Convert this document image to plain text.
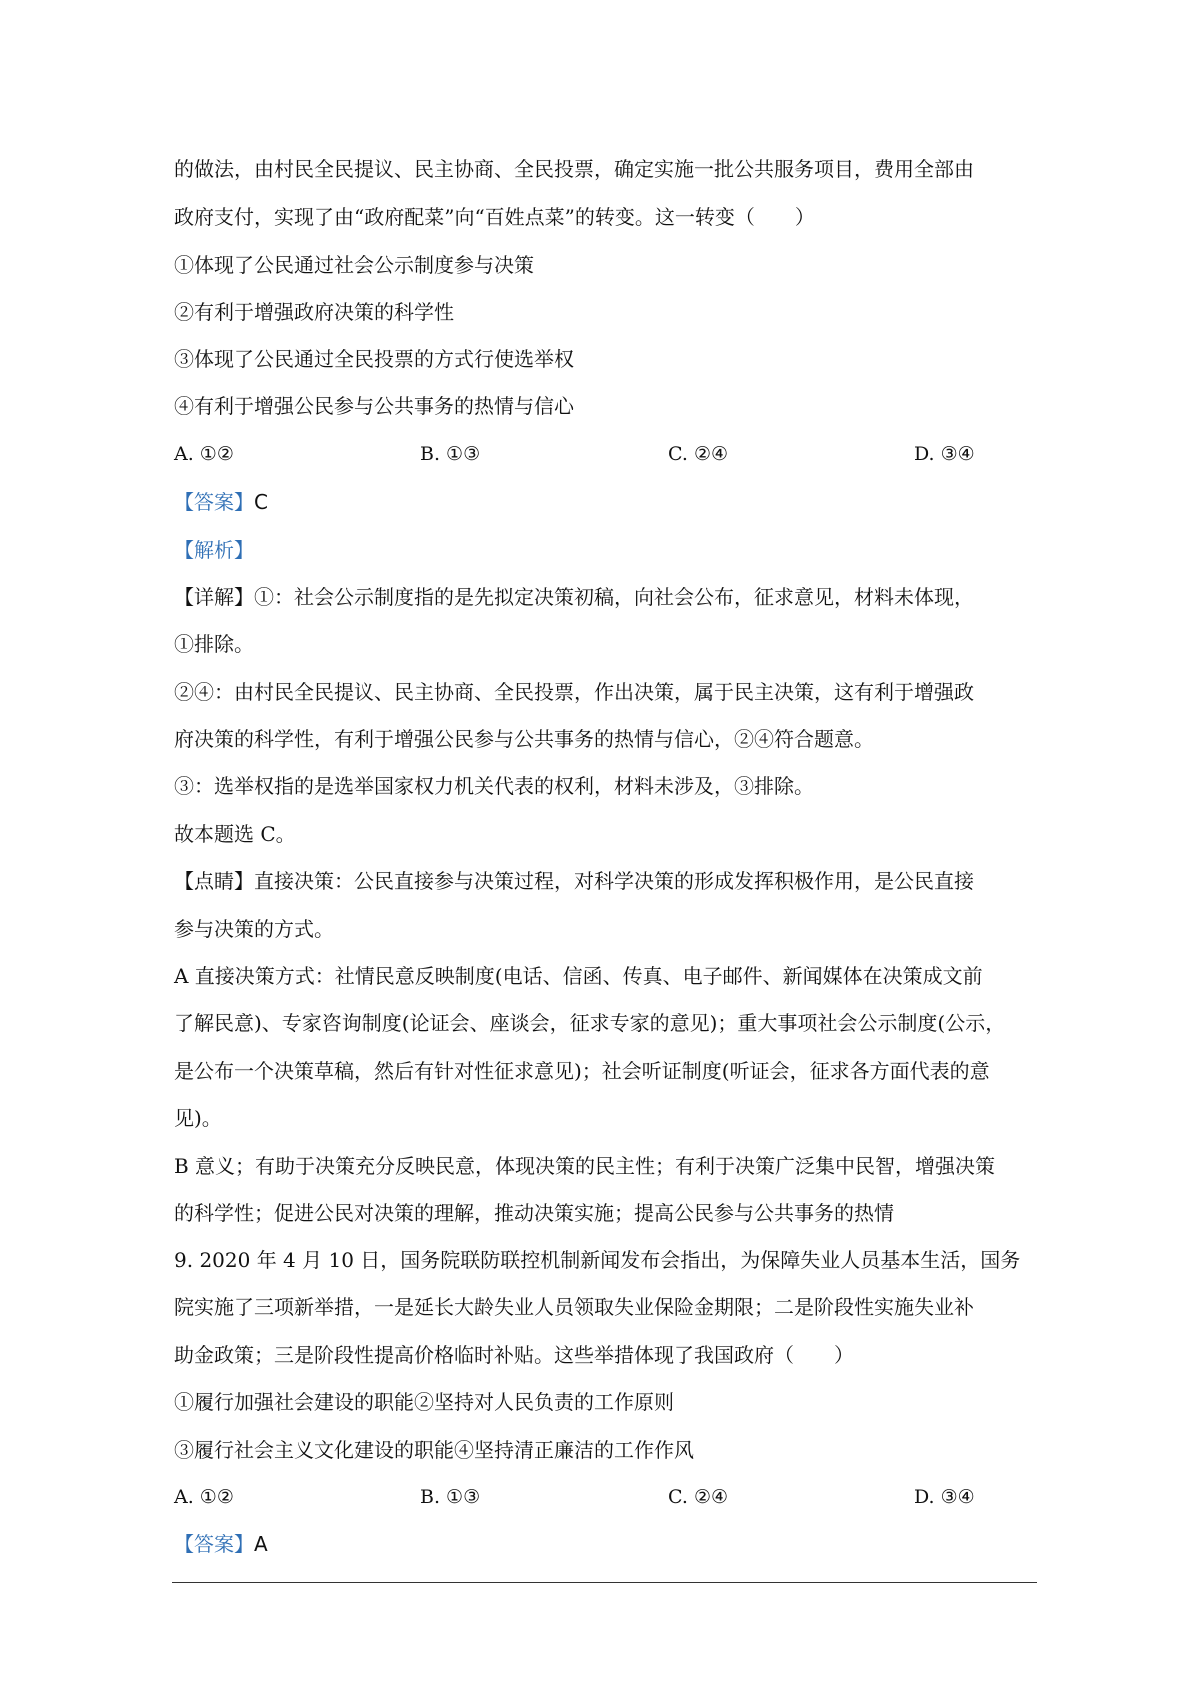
的做法，由村民全民提议、民主协商、全民投票，确定实施一批公共服务项目，费用全部由
政府支付，实现了由“政府配菜”向“百姓点菜”的转变。这一转变（　　）
①体现了公民通过社会公示制度参与决策
②有利于增强政府决策的科学性
③体现了公民通过全民投票的方式行使选举权
④有利于增强公民参与公共事务的热情与信心
A. ①②	B. ①③	C. ②④	D. ③④
【答案】C
【解析】
【详解】①：社会公示制度指的是先拟定决策初稿，向社会公布，征求意见，材料未体现，
①排除。
②④：由村民全民提议、民主协商、全民投票，作出决策，属于民主决策，这有利于增强政
府决策的科学性，有利于增强公民参与公共事务的热情与信心，②④符合题意。
③：选举权指的是选举国家权力机关代表的权利，材料未涉及，③排除。
故本题选 C。
【点睛】直接决策：公民直接参与决策过程，对科学决策的形成发挥积极作用，是公民直接
参与决策的方式。
A 直接决策方式：社情民意反映制度(电话、信函、传真、电子邮件、新闻媒体在决策成文前
了解民意)、专家咨询制度(论证会、座谈会，征求专家的意见)；重大事项社会公示制度(公示，
是公布一个决策草稿，然后有针对性征求意见)；社会听证制度(听证会，征求各方面代表的意
见)。
B 意义；有助于决策充分反映民意，体现决策的民主性；有利于决策广泛集中民智，增强决策
的科学性；促进公民对决策的理解，推动决策实施；提高公民参与公共事务的热情
9. 2020 年 4 月 10 日，国务院联防联控机制新闻发布会指出，为保障失业人员基本生活，国务
院实施了三项新举措，一是延长大龄失业人员领取失业保险金期限；二是阶段性实施失业补
助金政策；三是阶段性提高价格临时补贴。这些举措体现了我国政府（　　）
①履行加强社会建设的职能②坚持对人民负责的工作原则
③履行社会主义文化建设的职能④坚持清正廉洁的工作作风
A. ①②	B. ①③	C. ②④	D. ③④
【答案】A
